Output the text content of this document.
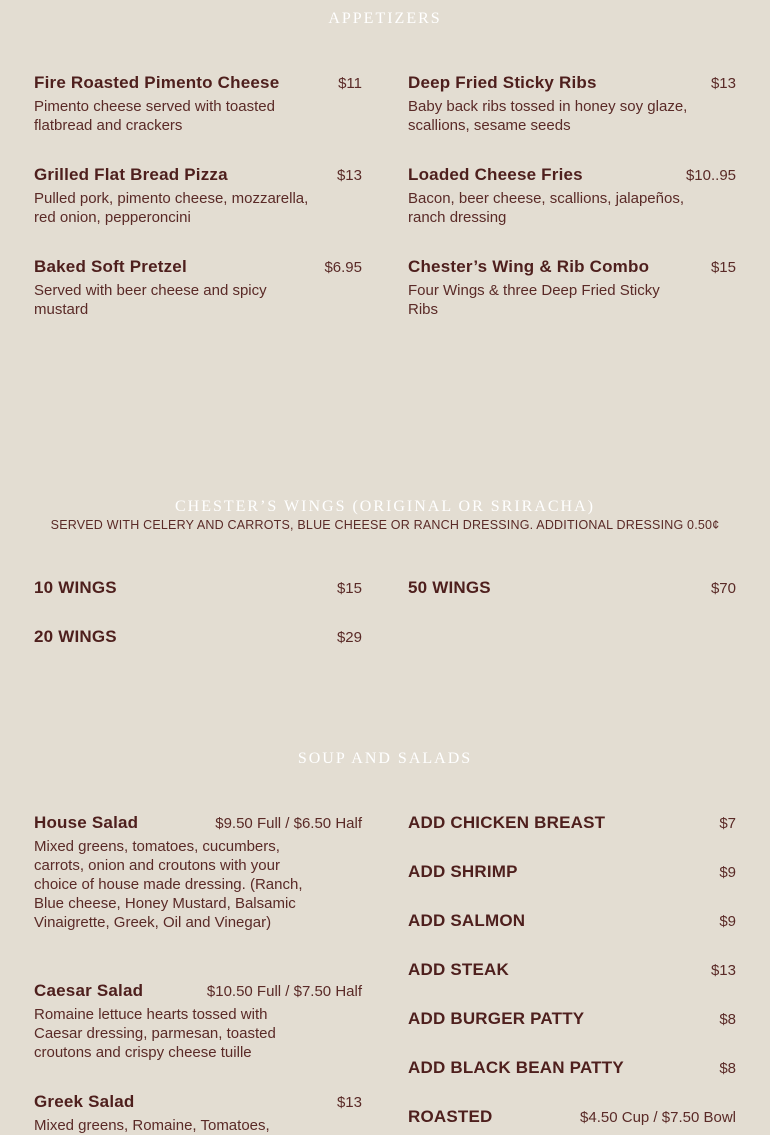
APPETIZERS
Fire Roasted Pimento Cheese	$11
Pimento cheese served with toasted flatbread and crackers
Deep Fried Sticky Ribs	$13
Baby back ribs tossed in honey soy glaze, scallions, sesame seeds
Grilled Flat Bread Pizza	$13
Pulled pork, pimento cheese, mozzarella, red onion, pepperoncini
Loaded Cheese Fries	$10..95
Bacon, beer cheese, scallions, jalapeños, ranch dressing
Baked Soft Pretzel	$6.95
Served with beer cheese and spicy mustard
Chester’s Wing & Rib Combo	$15
Four Wings & three Deep Fried Sticky Ribs
CHESTER’S WINGS (ORIGINAL OR SRIRACHA)
SERVED WITH CELERY AND CARROTS, BLUE CHEESE OR RANCH DRESSING. ADDITIONAL DRESSING 0.50¢
10 WINGS	$15	50 WINGS	$70
20 WINGS	$29
SOUP AND SALADS
House Salad	$9.50 Full / $6.50 Half
Mixed greens, tomatoes, cucumbers, carrots, onion and croutons with your choice of house made dressing. (Ranch, Blue cheese, Honey Mustard, Balsamic Vinaigrette, Greek, Oil and Vinegar)
Caesar Salad	$10.50 Full / $7.50 Half
Romaine lettuce hearts tossed with Caesar dressing, parmesan, toasted croutons and crispy cheese tuille
Greek Salad	$13
Mixed greens, Romaine, Tomatoes,
ADD CHICKEN BREAST	$7
ADD SHRIMP	$9
ADD SALMON	$9
ADD STEAK	$13
ADD BURGER PATTY	$8
ADD BLACK BEAN PATTY	$8
ROASTED	$4.50 Cup / $7.50 Bowl
